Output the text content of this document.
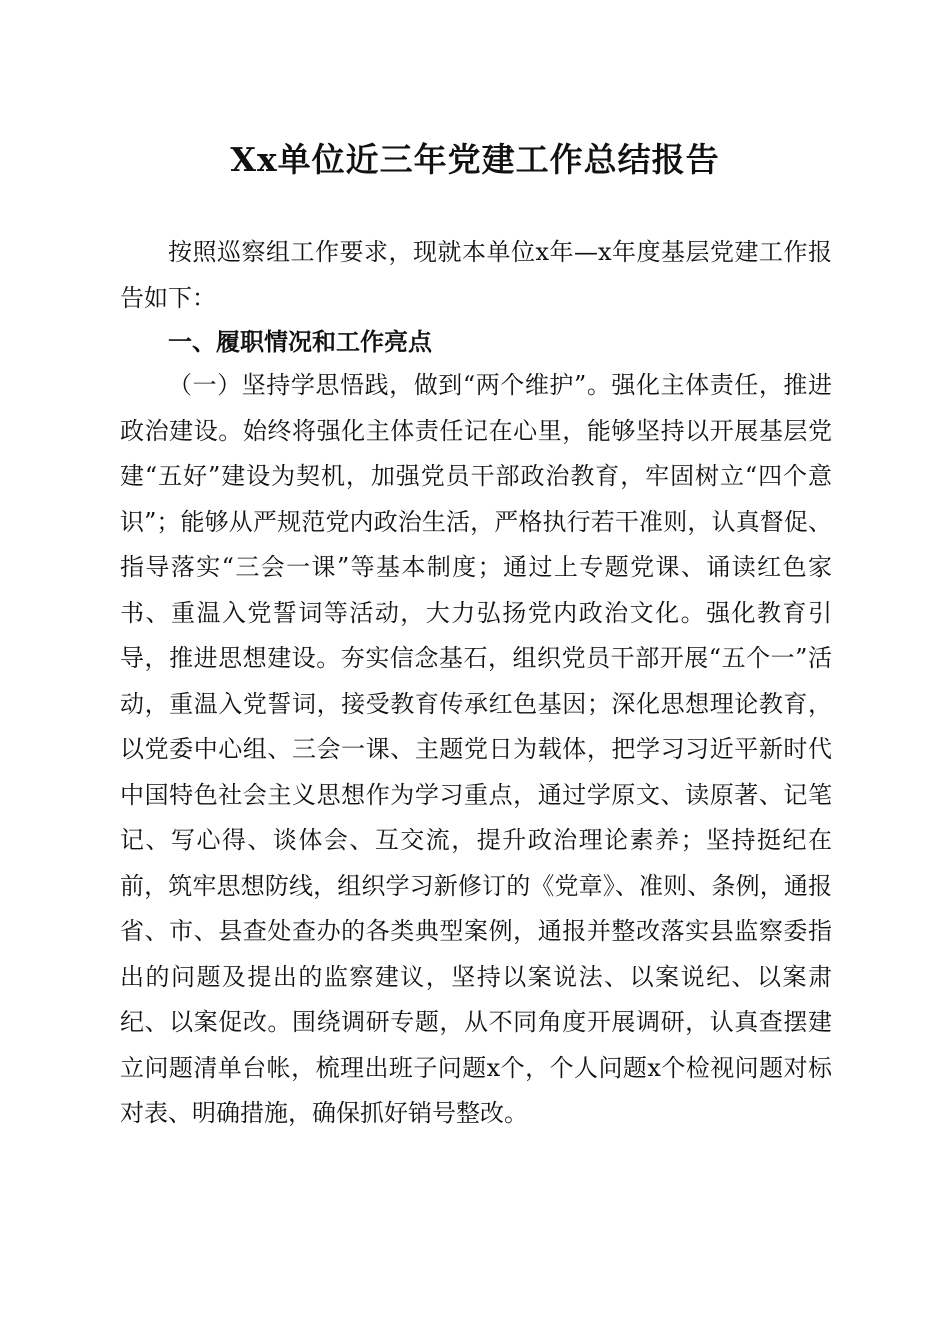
Xx单位近三年党建工作总结报告
按照巡察组工作要求，现就本单位x年—x年度基层党建工作报告如下：
一、履职情况和工作亮点
（一）坚持学思悟践，做到“两个维护”。强化主体责任，推进政治建设。始终将强化主体责任记在心里，能够坚持以开展基层党建“五好”建设为契机，加强党员干部政治教育，牢固树立“四个意识”；能够从严规范党内政治生活，严格执行若干准则，认真督促、指导落实“三会一课”等基本制度；通过上专题党课、诵读红色家书、重温入党誓词等活动，大力弘扬党内政治文化。强化教育引导，推进思想建设。夯实信念基石，组织党员干部开展“五个一”活动，重温入党誓词，接受教育传承红色基因；深化思想理论教育，以党委中心组、三会一课、主题党日为载体，把学习习近平新时代中国特色社会主义思想作为学习重点，通过学原文、读原著、记笔记、写心得、谈体会、互交流，提升政治理论素养；坚持挺纪在前，筑牢思想防线，组织学习新修订的《党章》、准则、条例，通报省、市、县查处查办的各类典型案例，通报并整改落实县监察委指出的问题及提出的监察建议，坚持以案说法、以案说纪、以案肃纪、以案促改。围绕调研专题，从不同角度开展调研，认真查摆建立问题清单台帐，梳理出班子问题x个，个人问题x个检视问题对标对表、明确措施，确保抓好销号整改。
